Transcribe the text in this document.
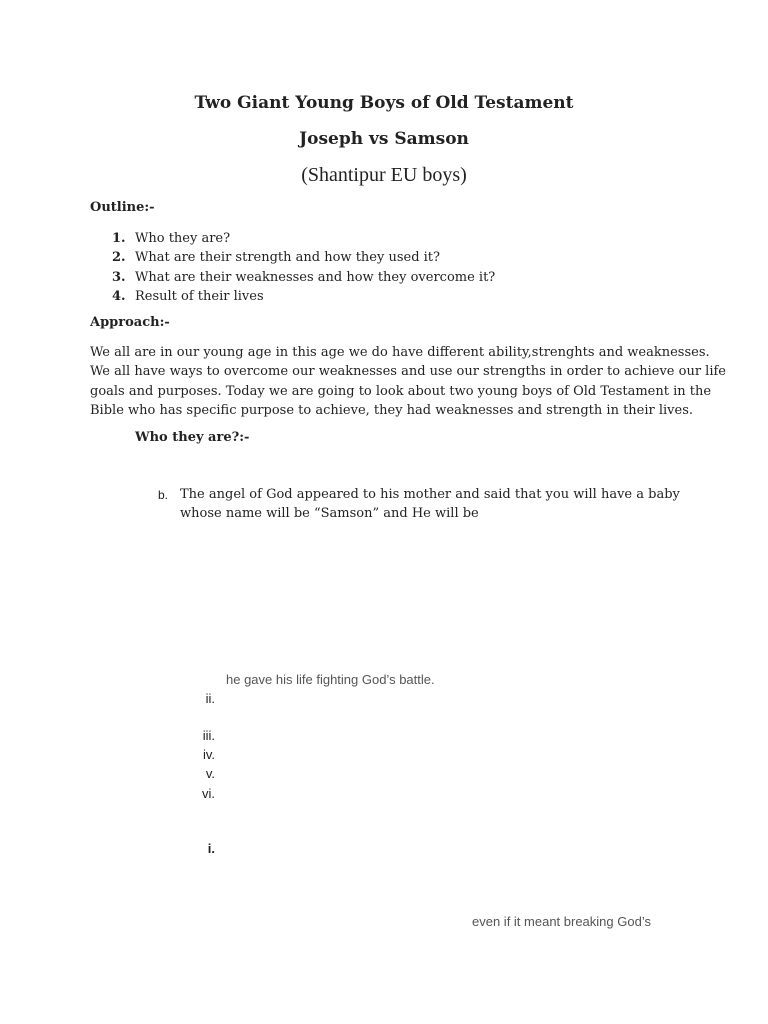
Two Giant Young Boys of Old Testament
Joseph vs Samson
(Shantipur EU boys)
Outline:-
1. Who they are?
2. What are their strength and how they used it?
3. What are their weaknesses and how they overcome it?
4. Result of their lives
Approach:-
We all are in our young age in this age we do have different ability,strenghts and weaknesses.
We all have ways to overcome our weaknesses and use our strengths in order to achieve our life
goals and purposes. Today we are going to look about two young boys of Old Testament in the
Bible who has specific purpose to achieve, they had weaknesses and strength in their lives.
Who they are?:-
b. The angel of God appeared to his mother and said that you will have a baby
whose name will be “Samson” and He will be
he gave his life fighting God’s battle.
ii.
iii.
iv.
v.
vi.
i.
even if it meant breaking God’s
